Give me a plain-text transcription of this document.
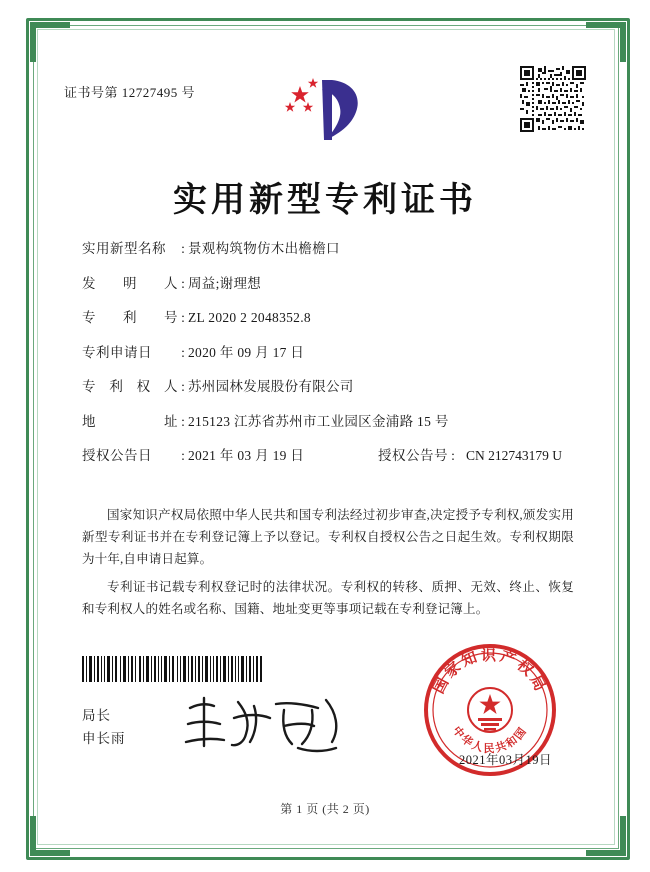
证书号第 12727495 号
实用新型专利证书
实用新型名称	: 景观构筑物仿木出檐檐口
发 明 人 : 周益;谢理想
专 利 号 : ZL 2020 2 2048352.8
专利申请日	: 2020 年 09 月 17 日
专 利 权 人 : 苏州园林发展股份有限公司
地	址 : 215123 江苏省苏州市工业园区金浦路 15 号
授权公告日	: 2021 年 03 月 19 日	授权公告号 : CN 212743179 U

国家知识产权局依照中华人民共和国专利法经过初步审查,决定授予专利权,颁发实用新型专利证书并在专利登记簿上予以登记。专利权自授权公告之日起生效。专利权期限为十年,自申请日起算。

专利证书记载专利权登记时的法律状况。专利权的转移、质押、无效、终止、恢复和专利权人的姓名或名称、国籍、地址变更等事项记载在专利登记簿上。

局长
申长雨
国家知识产权局
中华人民共和国
2021年03月19日
第 1 页 (共 2 页)
